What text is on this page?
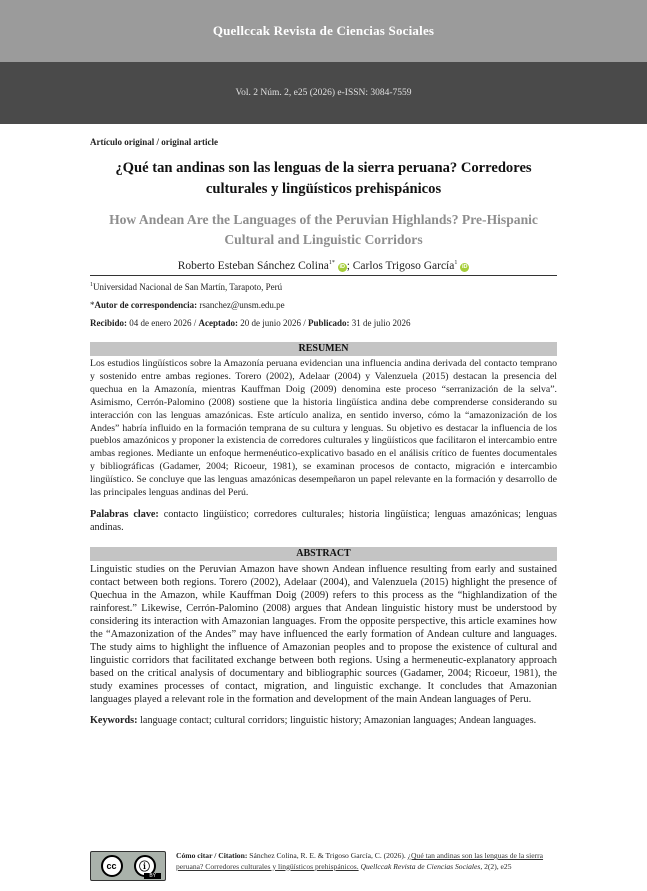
Quellccak Revista de Ciencias Sociales
Vol. 2 Núm. 2, e25 (2026) e-ISSN: 3084-7559
Artículo original / original article
¿Qué tan andinas son las lenguas de la sierra peruana? Corredores culturales y lingüísticos prehispánicos
How Andean Are the Languages of the Peruvian Highlands? Pre-Hispanic Cultural and Linguistic Corridors
Roberto Esteban Sánchez Colina$^{1*}$ iD ; Carlos Trigoso García$^1$ iD
$^1$Universidad Nacional de San Martín, Tarapoto, Perú
*Autor de correspondencia: rsanchez@unsm.edu.pe
Recibido: 04 de enero 2026 / Aceptado: 20 de junio 2026 / Publicado: 31 de julio 2026
RESUMEN
Los estudios lingüísticos sobre la Amazonía peruana evidencian una influencia andina derivada del contacto temprano y sostenido entre ambas regiones. Torero (2002), Adelaar (2004) y Valenzuela (2015) destacan la presencia del quechua en la Amazonía, mientras Kauffman Doig (2009) denomina este proceso “serranización de la selva”. Asimismo, Cerrón-Palomino (2008) sostiene que la historia lingüística andina debe comprenderse considerando su interacción con las lenguas amazónicas. Este artículo analiza, en sentido inverso, cómo la “amazonización de los Andes” habría influido en la formación temprana de su cultura y lenguas. Su objetivo es destacar la influencia de los pueblos amazónicos y proponer la existencia de corredores culturales y lingüísticos que facilitaron el intercambio entre ambas regiones. Mediante un enfoque hermenéutico-explicativo basado en el análisis crítico de fuentes documentales y bibliográficas (Gadamer, 2004; Ricoeur, 1981), se examinan procesos de contacto, migración e intercambio lingüístico. Se concluye que las lenguas amazónicas desempeñaron un papel relevante en la formación y desarrollo de las principales lenguas andinas del Perú.
Palabras clave: contacto lingüístico; corredores culturales; historia lingüística; lenguas amazónicas; lenguas andinas.
ABSTRACT
Linguistic studies on the Peruvian Amazon have shown Andean influence resulting from early and sustained contact between both regions. Torero (2002), Adelaar (2004), and Valenzuela (2015) highlight the presence of Quechua in the Amazon, while Kauffman Doig (2009) refers to this process as the “highlandization of the rainforest.” Likewise, Cerrón-Palomino (2008) argues that Andean linguistic history must be understood by considering its interaction with Amazonian languages. From the opposite perspective, this article examines how the “Amazonization of the Andes” may have influenced the early formation of Andean culture and languages. The study aims to highlight the influence of Amazonian peoples and to propose the existence of cultural and linguistic corridors that facilitated exchange between both regions. Using a hermeneutic-explanatory approach based on the critical analysis of documentary and bibliographic sources (Gadamer, 2004; Ricoeur, 1981), the study examines processes of contact, migration, and linguistic exchange. It concludes that Amazonian languages played a relevant role in the formation and development of the main Andean languages of Peru.
Keywords: language contact; cultural corridors; linguistic history; Amazonian languages; Andean languages.
cc	ⓘ
BY
Cómo citar / Citation: Sánchez Colina, R. E. & Trigoso García, C. (2026). ¿Qué tan andinas son las lenguas de la sierra peruana? Corredores culturales y lingüísticos prehispánicos. Quellccak Revista de Ciencias Sociales, 2(2), e25
